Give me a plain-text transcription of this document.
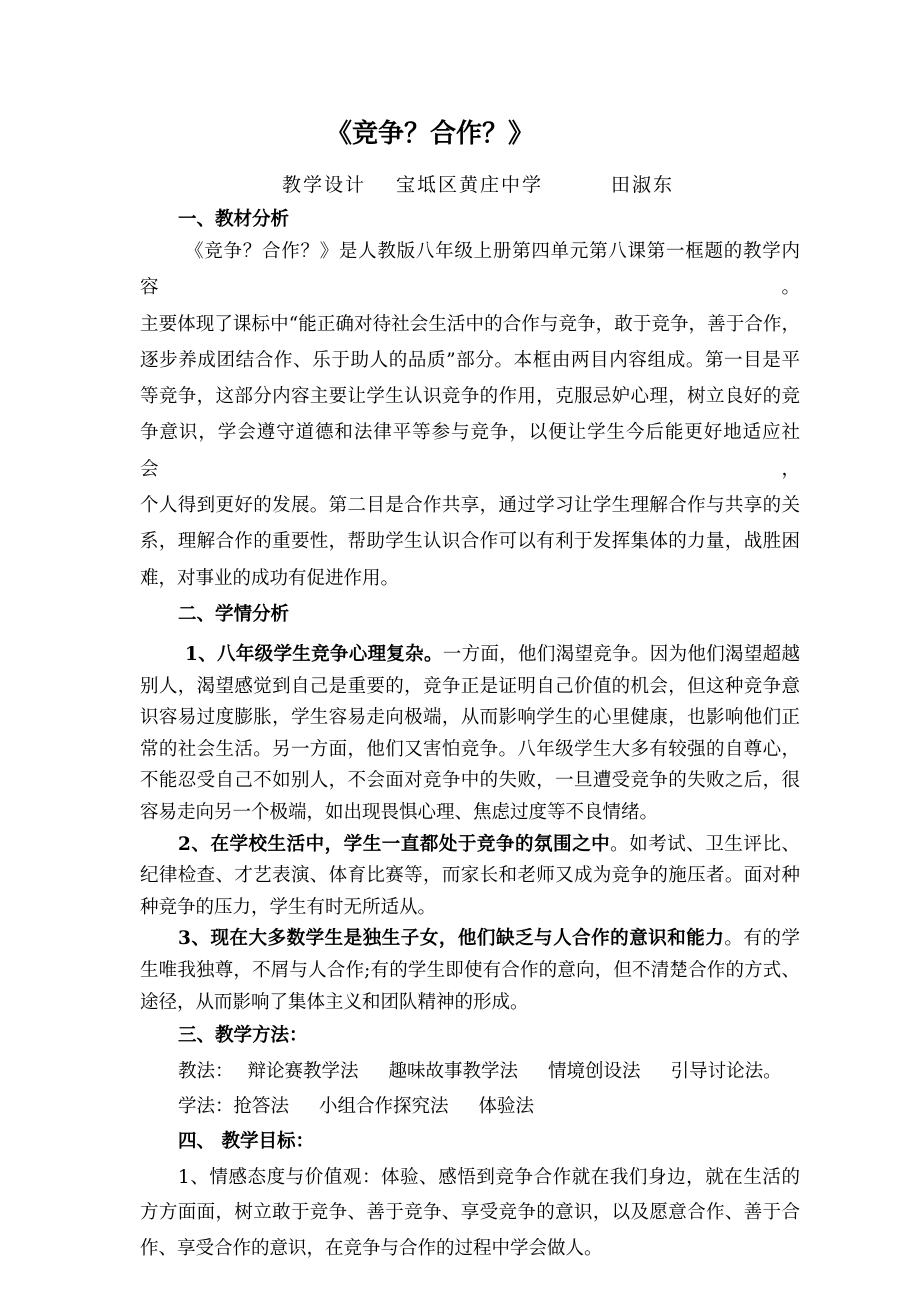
《竞争？合作？》
教学设计 宝坻区黄庄中学	田淑东
一、教材分析
《竞争？合作？》是人教版八年级上册第四单元第八课第一框题的教学内容。
主要体现了课标中“能正确对待社会生活中的合作与竞争，敢于竞争，善于合作，
逐步养成团结合作、乐于助人的品质”部分。本框由两目内容组成。第一目是平
等竞争，这部分内容主要让学生认识竞争的作用，克服忌妒心理，树立良好的竞
争意识，学会遵守道德和法律平等参与竞争，以便让学生今后能更好地适应社会，
个人得到更好的发展。第二目是合作共享，通过学习让学生理解合作与共享的关
系，理解合作的重要性，帮助学生认识合作可以有利于发挥集体的力量，战胜困
难，对事业的成功有促进作用。
二、学情分析
1、八年级学生竞争心理复杂。一方面，他们渴望竞争。因为他们渴望超越
别人，渴望感觉到自己是重要的，竞争正是证明自己价值的机会，但这种竞争意
识容易过度膨胀，学生容易走向极端，从而影响学生的心里健康，也影响他们正
常的社会生活。另一方面，他们又害怕竞争。八年级学生大多有较强的自尊心，
不能忍受自己不如别人，不会面对竞争中的失败，一旦遭受竞争的失败之后，很
容易走向另一个极端，如出现畏惧心理、焦虑过度等不良情绪。
2、在学校生活中，学生一直都处于竞争的氛围之中。如考试、卫生评比、
纪律检查、才艺表演、体育比赛等，而家长和老师又成为竞争的施压者。面对种
种竞争的压力，学生有时无所适从。
3、现在大多数学生是独生子女，他们缺乏与人合作的意识和能力。有的学
生唯我独尊，不屑与人合作;有的学生即使有合作的意向，但不清楚合作的方式、
途径，从而影响了集体主义和团队精神的形成。
三、教学方法：
教法： 辩论赛教学法 趣味故事教学法 情境创设法 引导讨论法。
学法：抢答法 小组合作探究法 体验法
四、 教学目标：
1、情感态度与价值观：体验、感悟到竞争合作就在我们身边，就在生活的
方方面面，树立敢于竞争、善于竞争、享受竞争的意识，以及愿意合作、善于合
作、享受合作的意识，在竞争与合作的过程中学会做人。
